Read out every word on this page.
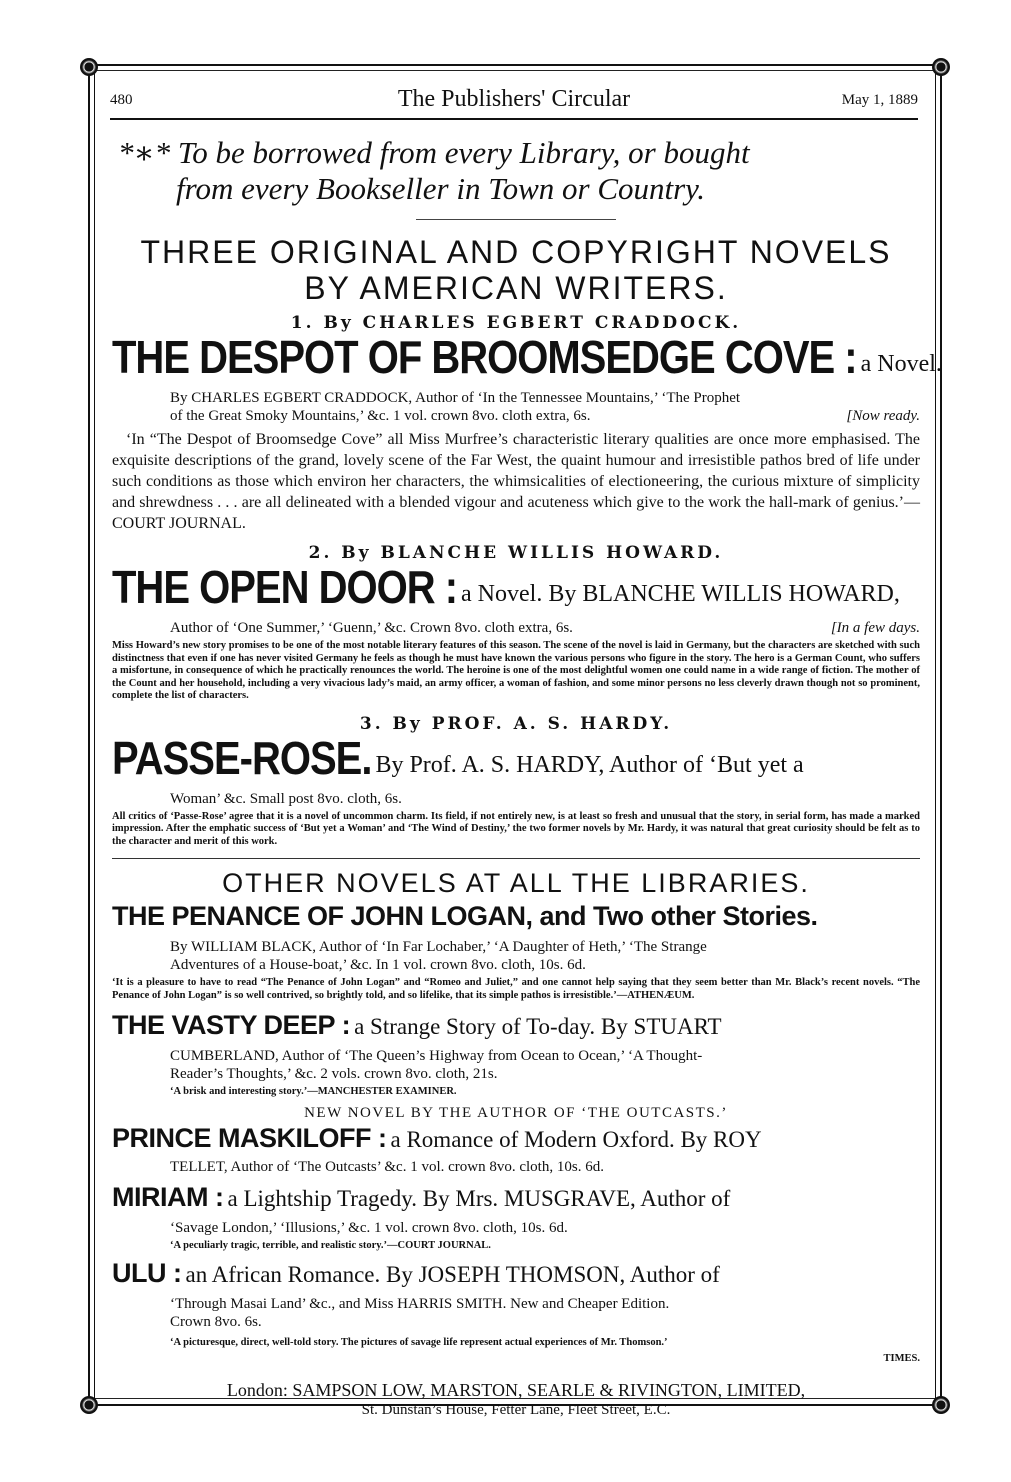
480	The Publishers' Circular	May 1, 1889
*∗* To be borrowed from every Library, or bought
from every Bookseller in Town or Country.
THREE ORIGINAL AND COPYRIGHT NOVELS
BY AMERICAN WRITERS.
1. By CHARLES EGBERT CRADDOCK.
THE DESPOT OF BROOMSEDGE COVE : a Novel.
By CHARLES EGBERT CRADDOCK, Author of ‘In the Tennessee Mountains,’ ‘The Prophet
of the Great Smoky Mountains,’ &c. 1 vol. crown 8vo. cloth extra, 6s.	[Now ready.
‘In “The Despot of Broomsedge Cove” all Miss Murfree’s characteristic literary qualities are once more emphasised. The exquisite descriptions of the grand, lovely scene of the Far West, the quaint humour and irresistible pathos bred of life under such conditions as those which environ her characters, the whimsicalities of electioneering, the curious mixture of simplicity and shrewdness . . . are all delineated with a blended vigour and acuteness which give to the work the hall-mark of genius.’—COURT JOURNAL.
2. By BLANCHE WILLIS HOWARD.
THE OPEN DOOR : a Novel. By BLANCHE WILLIS HOWARD,
Author of ‘One Summer,’ ‘Guenn,’ &c. Crown 8vo. cloth extra, 6s.	[In a few days.
Miss Howard’s new story promises to be one of the most notable literary features of this season. The scene of the novel is laid in Germany, but the characters are sketched with such distinctness that even if one has never visited Germany he feels as though he must have known the various persons who figure in the story. The hero is a German Count, who suffers a misfortune, in consequence of which he practically renounces the world. The heroine is one of the most delightful women one could name in a wide range of fiction. The mother of the Count and her household, including a very vivacious lady’s maid, an army officer, a woman of fashion, and some minor persons no less cleverly drawn though not so prominent, complete the list of characters.
3. By PROF. A. S. HARDY.
PASSE-ROSE. By Prof. A. S. HARDY, Author of ‘But yet a
Woman’ &c. Small post 8vo. cloth, 6s.
All critics of ‘Passe-Rose’ agree that it is a novel of uncommon charm. Its field, if not entirely new, is at least so fresh and unusual that the story, in serial form, has made a marked impression. After the emphatic success of ‘But yet a Woman’ and ‘The Wind of Destiny,’ the two former novels by Mr. Hardy, it was natural that great curiosity should be felt as to the character and merit of this work.
OTHER NOVELS AT ALL THE LIBRARIES.
THE PENANCE OF JOHN LOGAN, and Two other Stories.
By WILLIAM BLACK, Author of ‘In Far Lochaber,’ ‘A Daughter of Heth,’ ‘The Strange
Adventures of a House-boat,’ &c. In 1 vol. crown 8vo. cloth, 10s. 6d.
‘It is a pleasure to have to read “The Penance of John Logan” and “Romeo and Juliet,” and one cannot help saying that they seem better than Mr. Black’s recent novels. “The Penance of John Logan” is so well contrived, so brightly told, and so lifelike, that its simple pathos is irresistible.’—ATHENÆUM.
THE VASTY DEEP : a Strange Story of To-day. By STUART
CUMBERLAND, Author of ‘The Queen’s Highway from Ocean to Ocean,’ ‘A Thought-
Reader’s Thoughts,’ &c. 2 vols. crown 8vo. cloth, 21s.
‘A brisk and interesting story.’—MANCHESTER EXAMINER.
NEW NOVEL BY THE AUTHOR OF ‘THE OUTCASTS.’
PRINCE MASKILOFF : a Romance of Modern Oxford. By ROY
TELLET, Author of ‘The Outcasts’ &c. 1 vol. crown 8vo. cloth, 10s. 6d.
MIRIAM : a Lightship Tragedy. By Mrs. MUSGRAVE, Author of
‘Savage London,’ ‘Illusions,’ &c. 1 vol. crown 8vo. cloth, 10s. 6d.
‘A peculiarly tragic, terrible, and realistic story.’—COURT JOURNAL.
ULU : an African Romance. By JOSEPH THOMSON, Author of
‘Through Masai Land’ &c., and Miss HARRIS SMITH. New and Cheaper Edition.
Crown 8vo. 6s.
‘A picturesque, direct, well-told story. The pictures of savage life represent actual experiences of Mr. Thomson.’
TIMES.
London: SAMPSON LOW, MARSTON, SEARLE & RIVINGTON, LIMITED,
St. Dunstan’s House, Fetter Lane, Fleet Street, E.C.
